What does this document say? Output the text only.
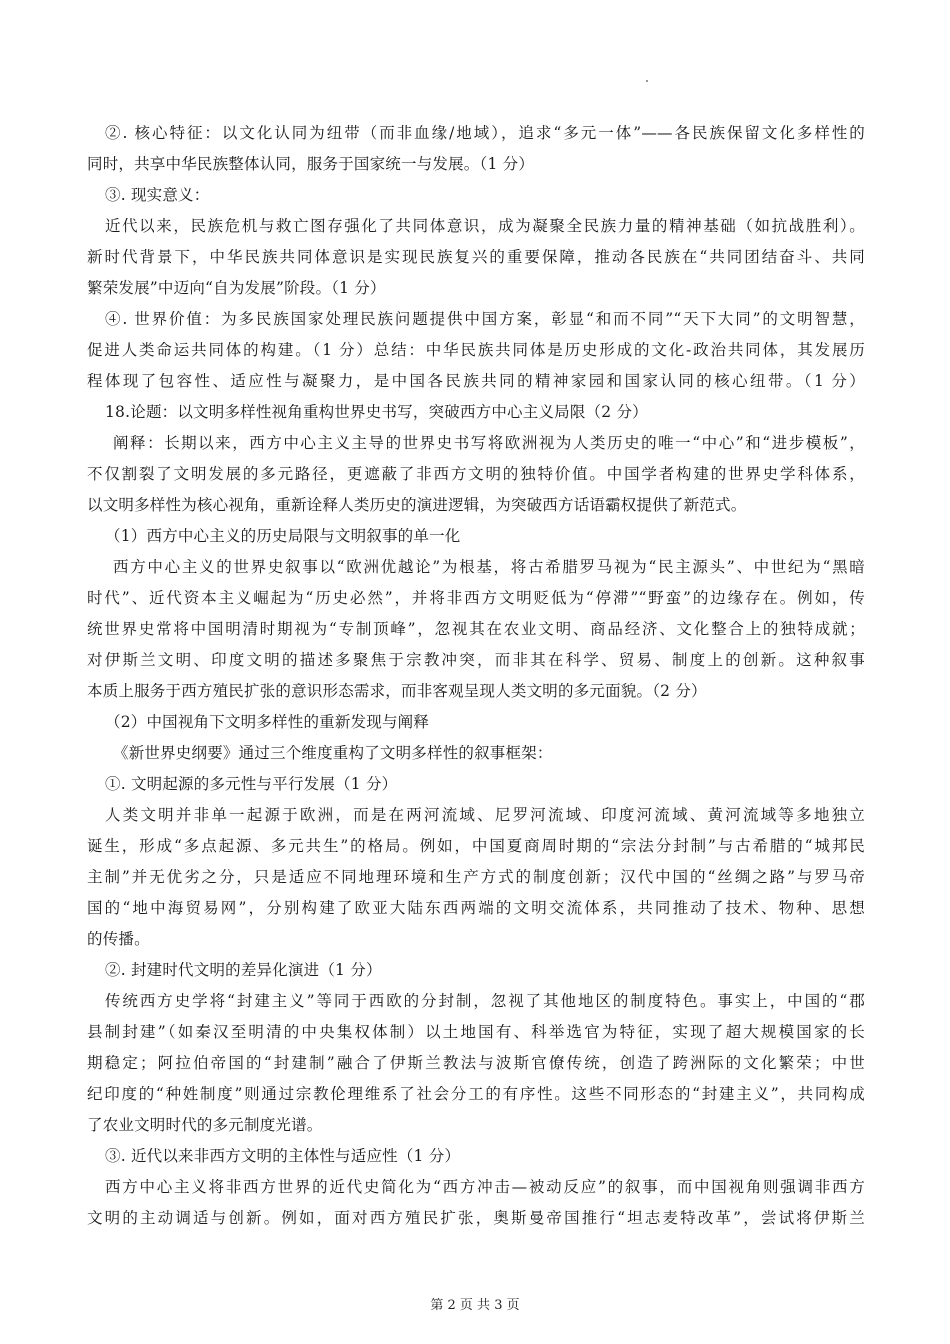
②. 核心特征：以文化认同为纽带（而非血缘/地域），追求“多元一体”——各民族保留文化多样性的
同时，共享中华民族整体认同，服务于国家统一与发展。（1 分）
③. 现实意义：
近代以来，民族危机与救亡图存强化了共同体意识，成为凝聚全民族力量的精神基础（如抗战胜利）。
新时代背景下，中华民族共同体意识是实现民族复兴的重要保障，推动各民族在“共同团结奋斗、共同
繁荣发展”中迈向“自为发展”阶段。（1 分）
④. 世界价值：为多民族国家处理民族问题提供中国方案，彰显“和而不同”“天下大同”的文明智慧，
促进人类命运共同体的构建。（1 分）总结：中华民族共同体是历史形成的文化-政治共同体，其发展历
程体现了包容性、适应性与凝聚力，是中国各民族共同的精神家园和国家认同的核心纽带。（1 分）
18.论题：以文明多样性视角重构世界史书写，突破西方中心主义局限（2 分）
阐释：长期以来，西方中心主义主导的世界史书写将欧洲视为人类历史的唯一“中心”和“进步模板”，
不仅割裂了文明发展的多元路径，更遮蔽了非西方文明的独特价值。中国学者构建的世界史学科体系，
以文明多样性为核心视角，重新诠释人类历史的演进逻辑，为突破西方话语霸权提供了新范式。
（1）西方中心主义的历史局限与文明叙事的单一化
西方中心主义的世界史叙事以“欧洲优越论”为根基，将古希腊罗马视为“民主源头”、中世纪为“黑暗
时代”、近代资本主义崛起为“历史必然”，并将非西方文明贬低为“停滞”“野蛮”的边缘存在。例如，传
统世界史常将中国明清时期视为“专制顶峰”，忽视其在农业文明、商品经济、文化整合上的独特成就；
对伊斯兰文明、印度文明的描述多聚焦于宗教冲突，而非其在科学、贸易、制度上的创新。这种叙事
本质上服务于西方殖民扩张的意识形态需求，而非客观呈现人类文明的多元面貌。（2 分）
（2）中国视角下文明多样性的重新发现与阐释
《新世界史纲要》通过三个维度重构了文明多样性的叙事框架：
①. 文明起源的多元性与平行发展（1 分）
人类文明并非单一起源于欧洲，而是在两河流域、尼罗河流域、印度河流域、黄河流域等多地独立
诞生，形成“多点起源、多元共生”的格局。例如，中国夏商周时期的“宗法分封制”与古希腊的“城邦民
主制”并无优劣之分，只是适应不同地理环境和生产方式的制度创新；汉代中国的“丝绸之路”与罗马帝
国的“地中海贸易网”，分别构建了欧亚大陆东西两端的文明交流体系，共同推动了技术、物种、思想
的传播。
②. 封建时代文明的差异化演进（1 分）
传统西方史学将“封建主义”等同于西欧的分封制，忽视了其他地区的制度特色。事实上，中国的“郡
县制封建”（如秦汉至明清的中央集权体制）以土地国有、科举选官为特征，实现了超大规模国家的长
期稳定；阿拉伯帝国的“封建制”融合了伊斯兰教法与波斯官僚传统，创造了跨洲际的文化繁荣；中世
纪印度的“种姓制度”则通过宗教伦理维系了社会分工的有序性。这些不同形态的“封建主义”，共同构成
了农业文明时代的多元制度光谱。
③. 近代以来非西方文明的主体性与适应性（1 分）
西方中心主义将非西方世界的近代史简化为“西方冲击—被动反应”的叙事，而中国视角则强调非西方
文明的主动调适与创新。例如，面对西方殖民扩张，奥斯曼帝国推行“坦志麦特改革”，尝试将伊斯兰
第 2 页 共 3 页
